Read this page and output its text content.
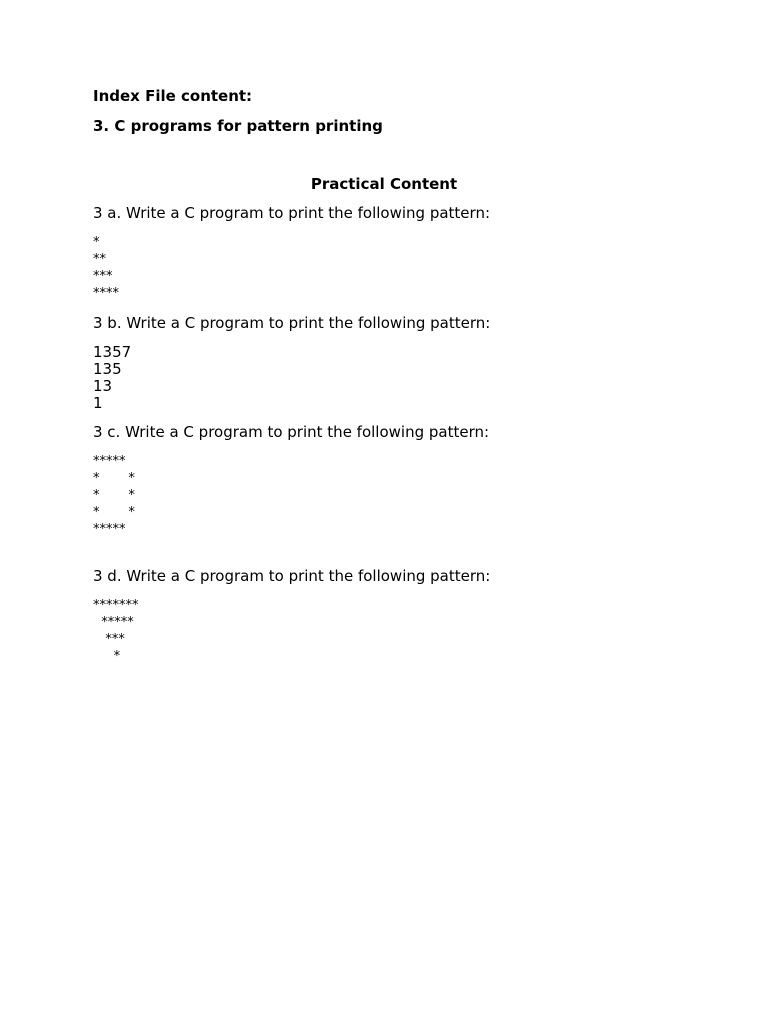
Index File content:
3. C programs for pattern printing
Practical Content
3 a. Write a C program to print the following pattern:
*
**
***
****
3 b. Write a C program to print the following pattern:
1357
135
13
1
3 c. Write a C program to print the following pattern:
*****
*       *
*       *
*       *
*****
3 d. Write a C program to print the following pattern:
*******
*****
***
*
